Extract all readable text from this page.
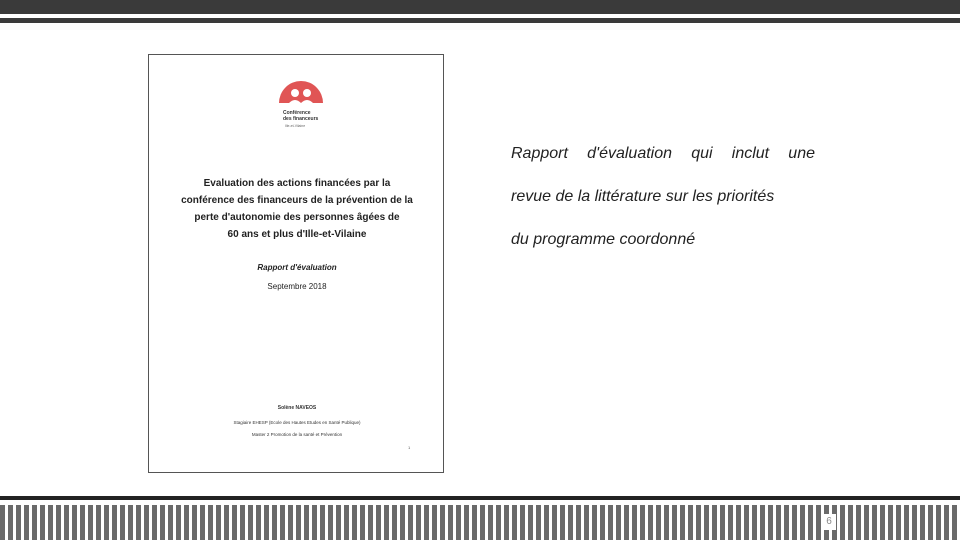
Conférence
des financeurs
Ille-et-Vilaine
Evaluation des actions financées par la
conférence des financeurs de la prévention de la
perte d'autonomie des personnes âgées de
60 ans et plus d'Ille-et-Vilaine
Rapport d'évaluation
Septembre 2018
Solène NAVEOS
Stagiaire EHESP (Ecole des Hautes Etudes en Santé Publique)
Master 2 Promotion de la santé et Prévention
1
Rapport d'évaluation qui inclut une
revue de la littérature sur les priorités
du programme coordonné
6
